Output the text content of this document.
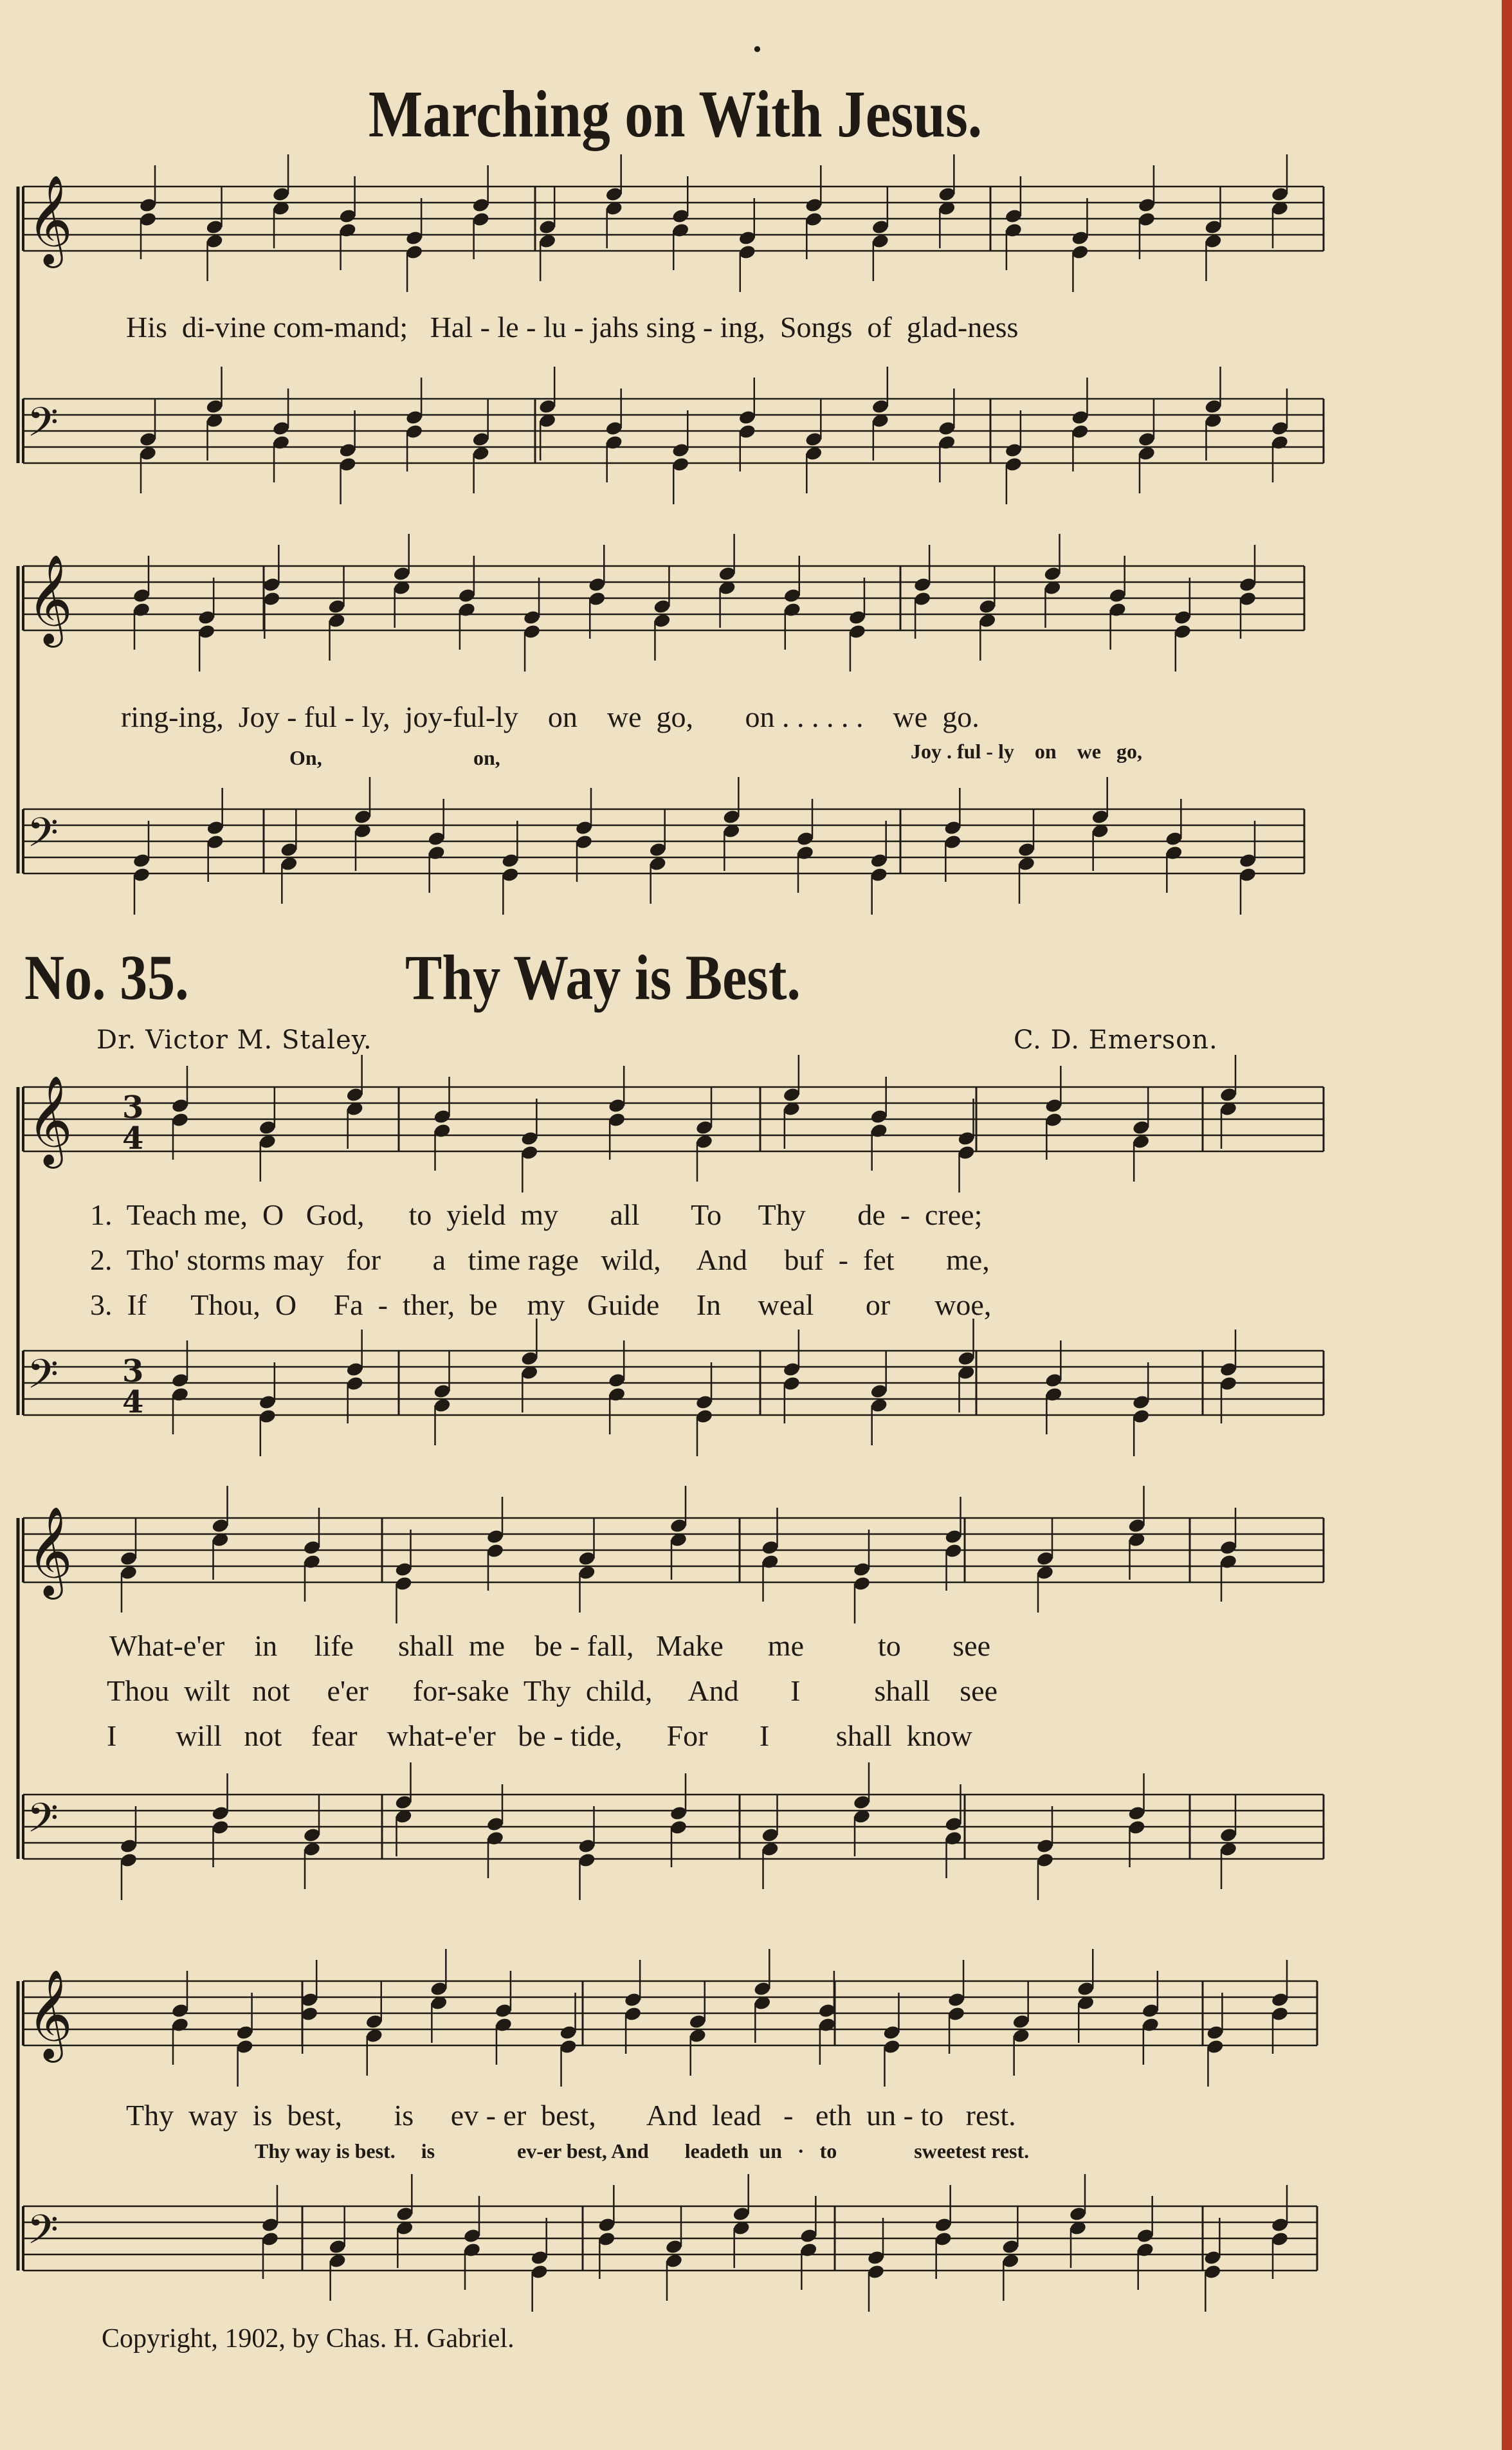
•
𝄞
𝄢
𝄞
𝄢
𝄞
𝄢
𝄞
𝄢
𝄞
𝄢
3
4
3
4
Marching on With Jesus.
His  di-vine com-mand;   Hal - le - lu - jahs sing - ing,  Songs  of  glad-ness
ring-ing,  Joy - ful - ly,  joy-ful-ly    on    we  go,       on . . . . . .    we  go.
On,	on,	Joy . ful - ly    on    we   go,
No. 35.	Thy Way is Best.
Dr. Victor M. Staley.	C. D. Emerson.
1.  Teach me,  O   God,      to  yield  my       all       To     Thy       de  -  cree;
2.  Tho' storms may   for       a   time rage   wild,     And     buf  -  fet       me,
3.  If      Thou,  O     Fa  -  ther,  be    my   Guide     In     weal       or      woe,
What-e'er    in     life      shall  me    be - fall,   Make      me          to       see
Thou  wilt   not     e'er      for-sake  Thy  child,     And       I          shall    see
I        will   not    fear    what-e'er   be - tide,      For       I         shall  know
Thy  way  is  best,       is     ev - er  best,       And  lead   -   eth  un - to   rest.
Thy way is best.     is                ev-er best, And       leadeth  un   ·   to               sweetest rest.
Copyright, 1902, by Chas. H. Gabriel.
